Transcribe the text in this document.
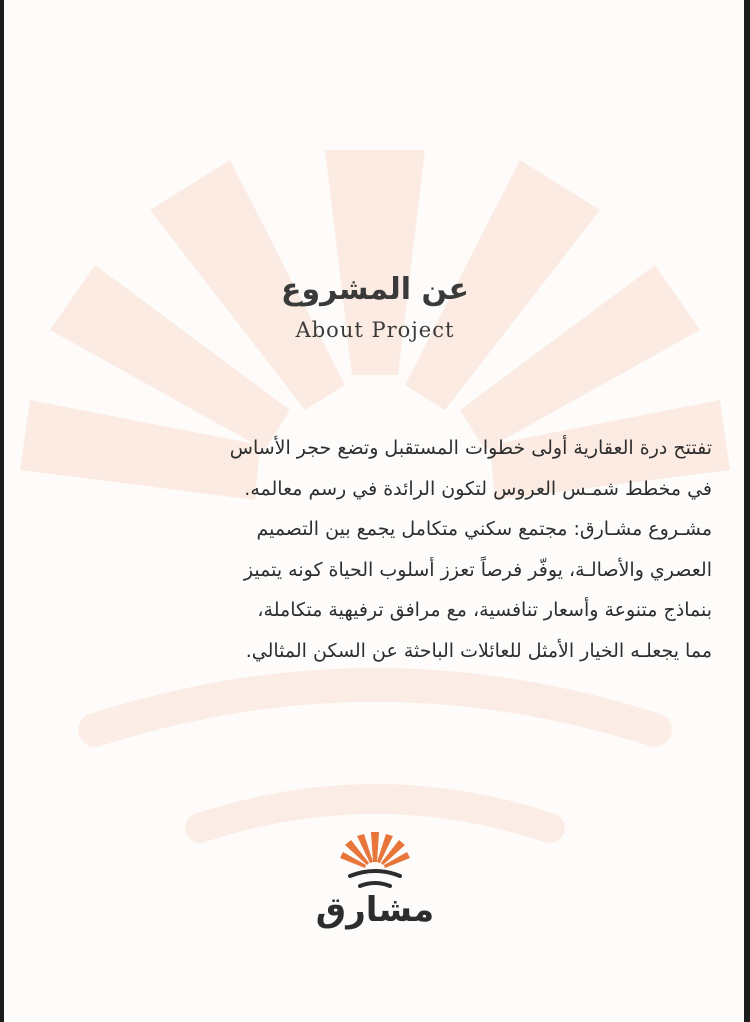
عن المشروع
About Project
تفتتح درة العقارية أولى خطوات المستقبل وتضع حجر الأساس
في مخطط شمـس العروس لتكون الرائدة في رسم معالمه.
مشـروع مشـارق: مجتمع سكني متكامل يجمع بين التصميم
العصري والأصالـة، يوفّر فرصاً تعزز أسلوب الحياة كونه يتميز
بنماذج متنوعة وأسعار تنافسية، مع مرافق ترفيهية متكاملة،
مما يجعلـه الخيار الأمثل للعائلات الباحثة عن السكن المثالي.
مشارق
